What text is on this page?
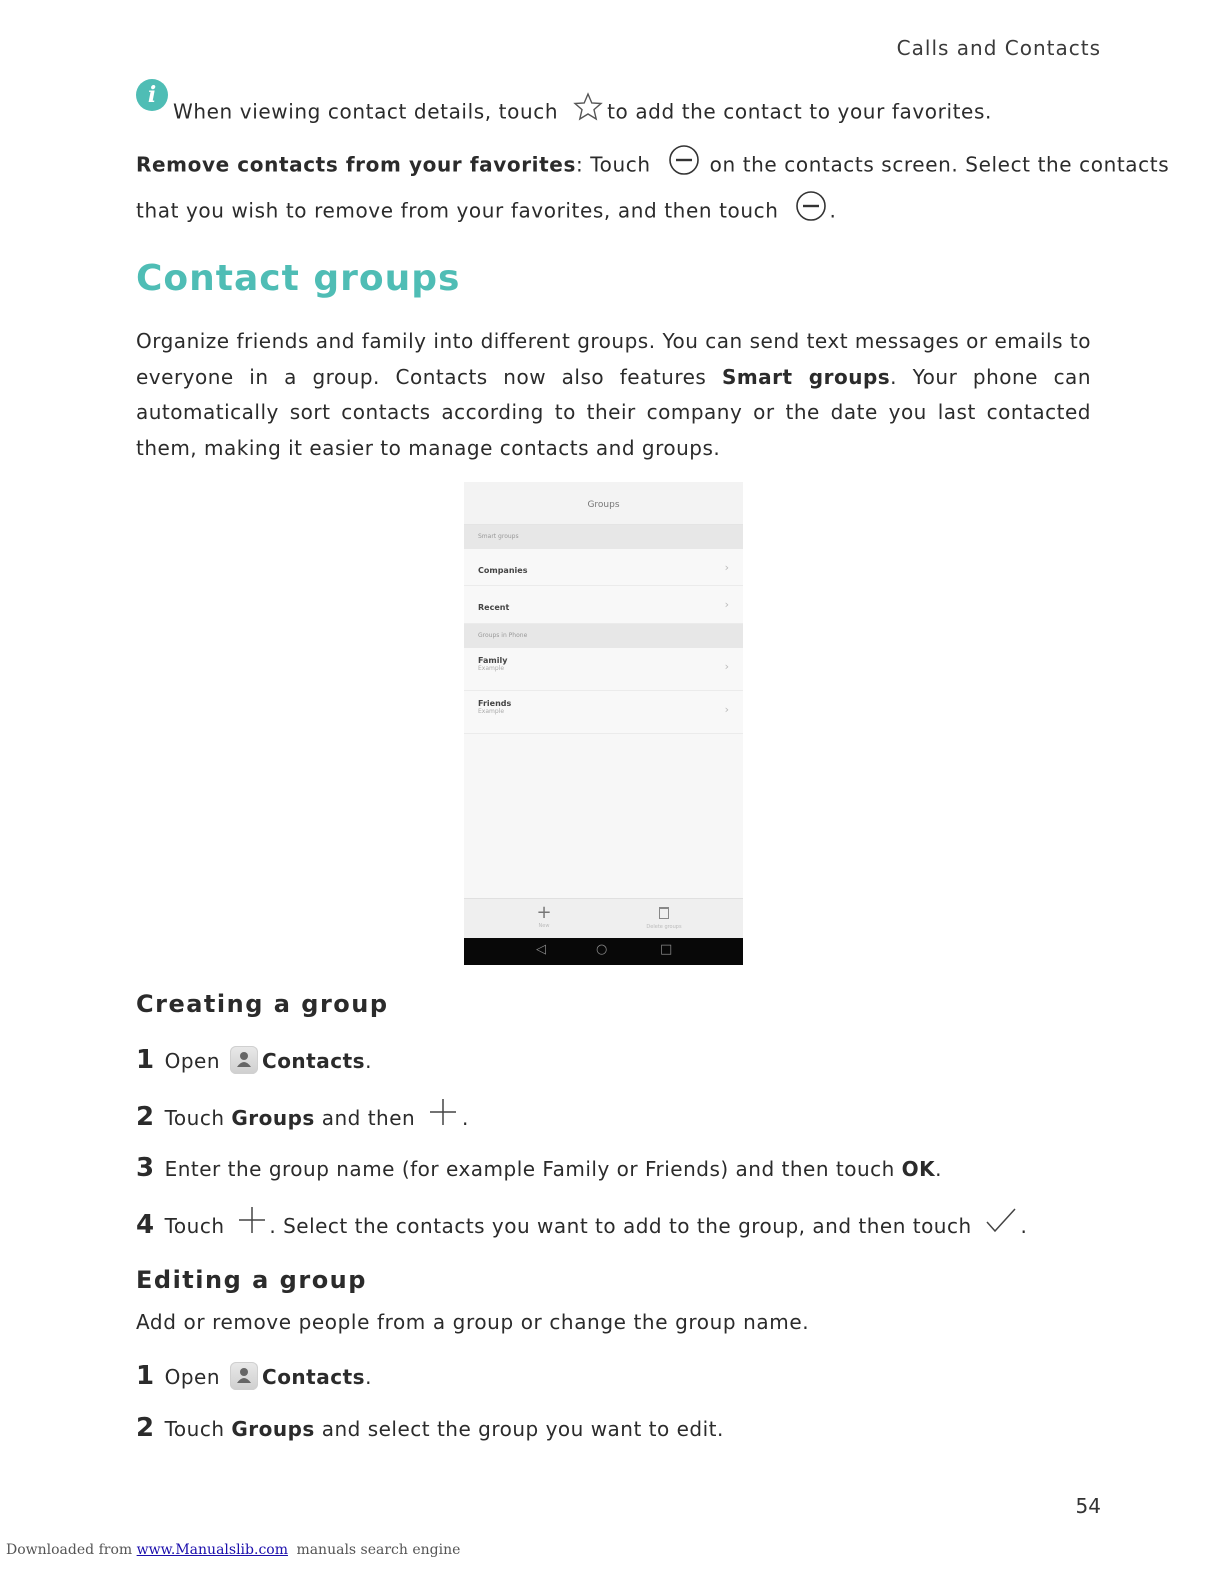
Calls and Contacts
i
When viewing contact details, touch to add the contact to your favorites.
Remove contacts from your favorites: Touch	on the contacts screen. Select the contacts
that you wish to remove from your favorites, and then touch	.
Contact groups
Organize friends and family into different groups. You can send text messages or emails to everyone in a group. Contacts now also features Smart groups. Your phone can automatically sort contacts according to their company or the date you last contacted them, making it easier to manage contacts and groups.
Groups
Smart groups
Companies	›
Recent	›
Groups in Phone
Family
Example	›
Friends
Example	›
+
New	Delete groups
◁	○	□
Creating a group
1 Open Contacts.
2 Touch Groups and then .
3 Enter the group name (for example Family or Friends) and then touch OK.
4 Touch . Select the contacts you want to add to the group, and then touch .
Editing a group
Add or remove people from a group or change the group name.
1 Open Contacts.
2 Touch Groups and select the group you want to edit.
54
Downloaded from www.Manualslib.com manuals search engine
